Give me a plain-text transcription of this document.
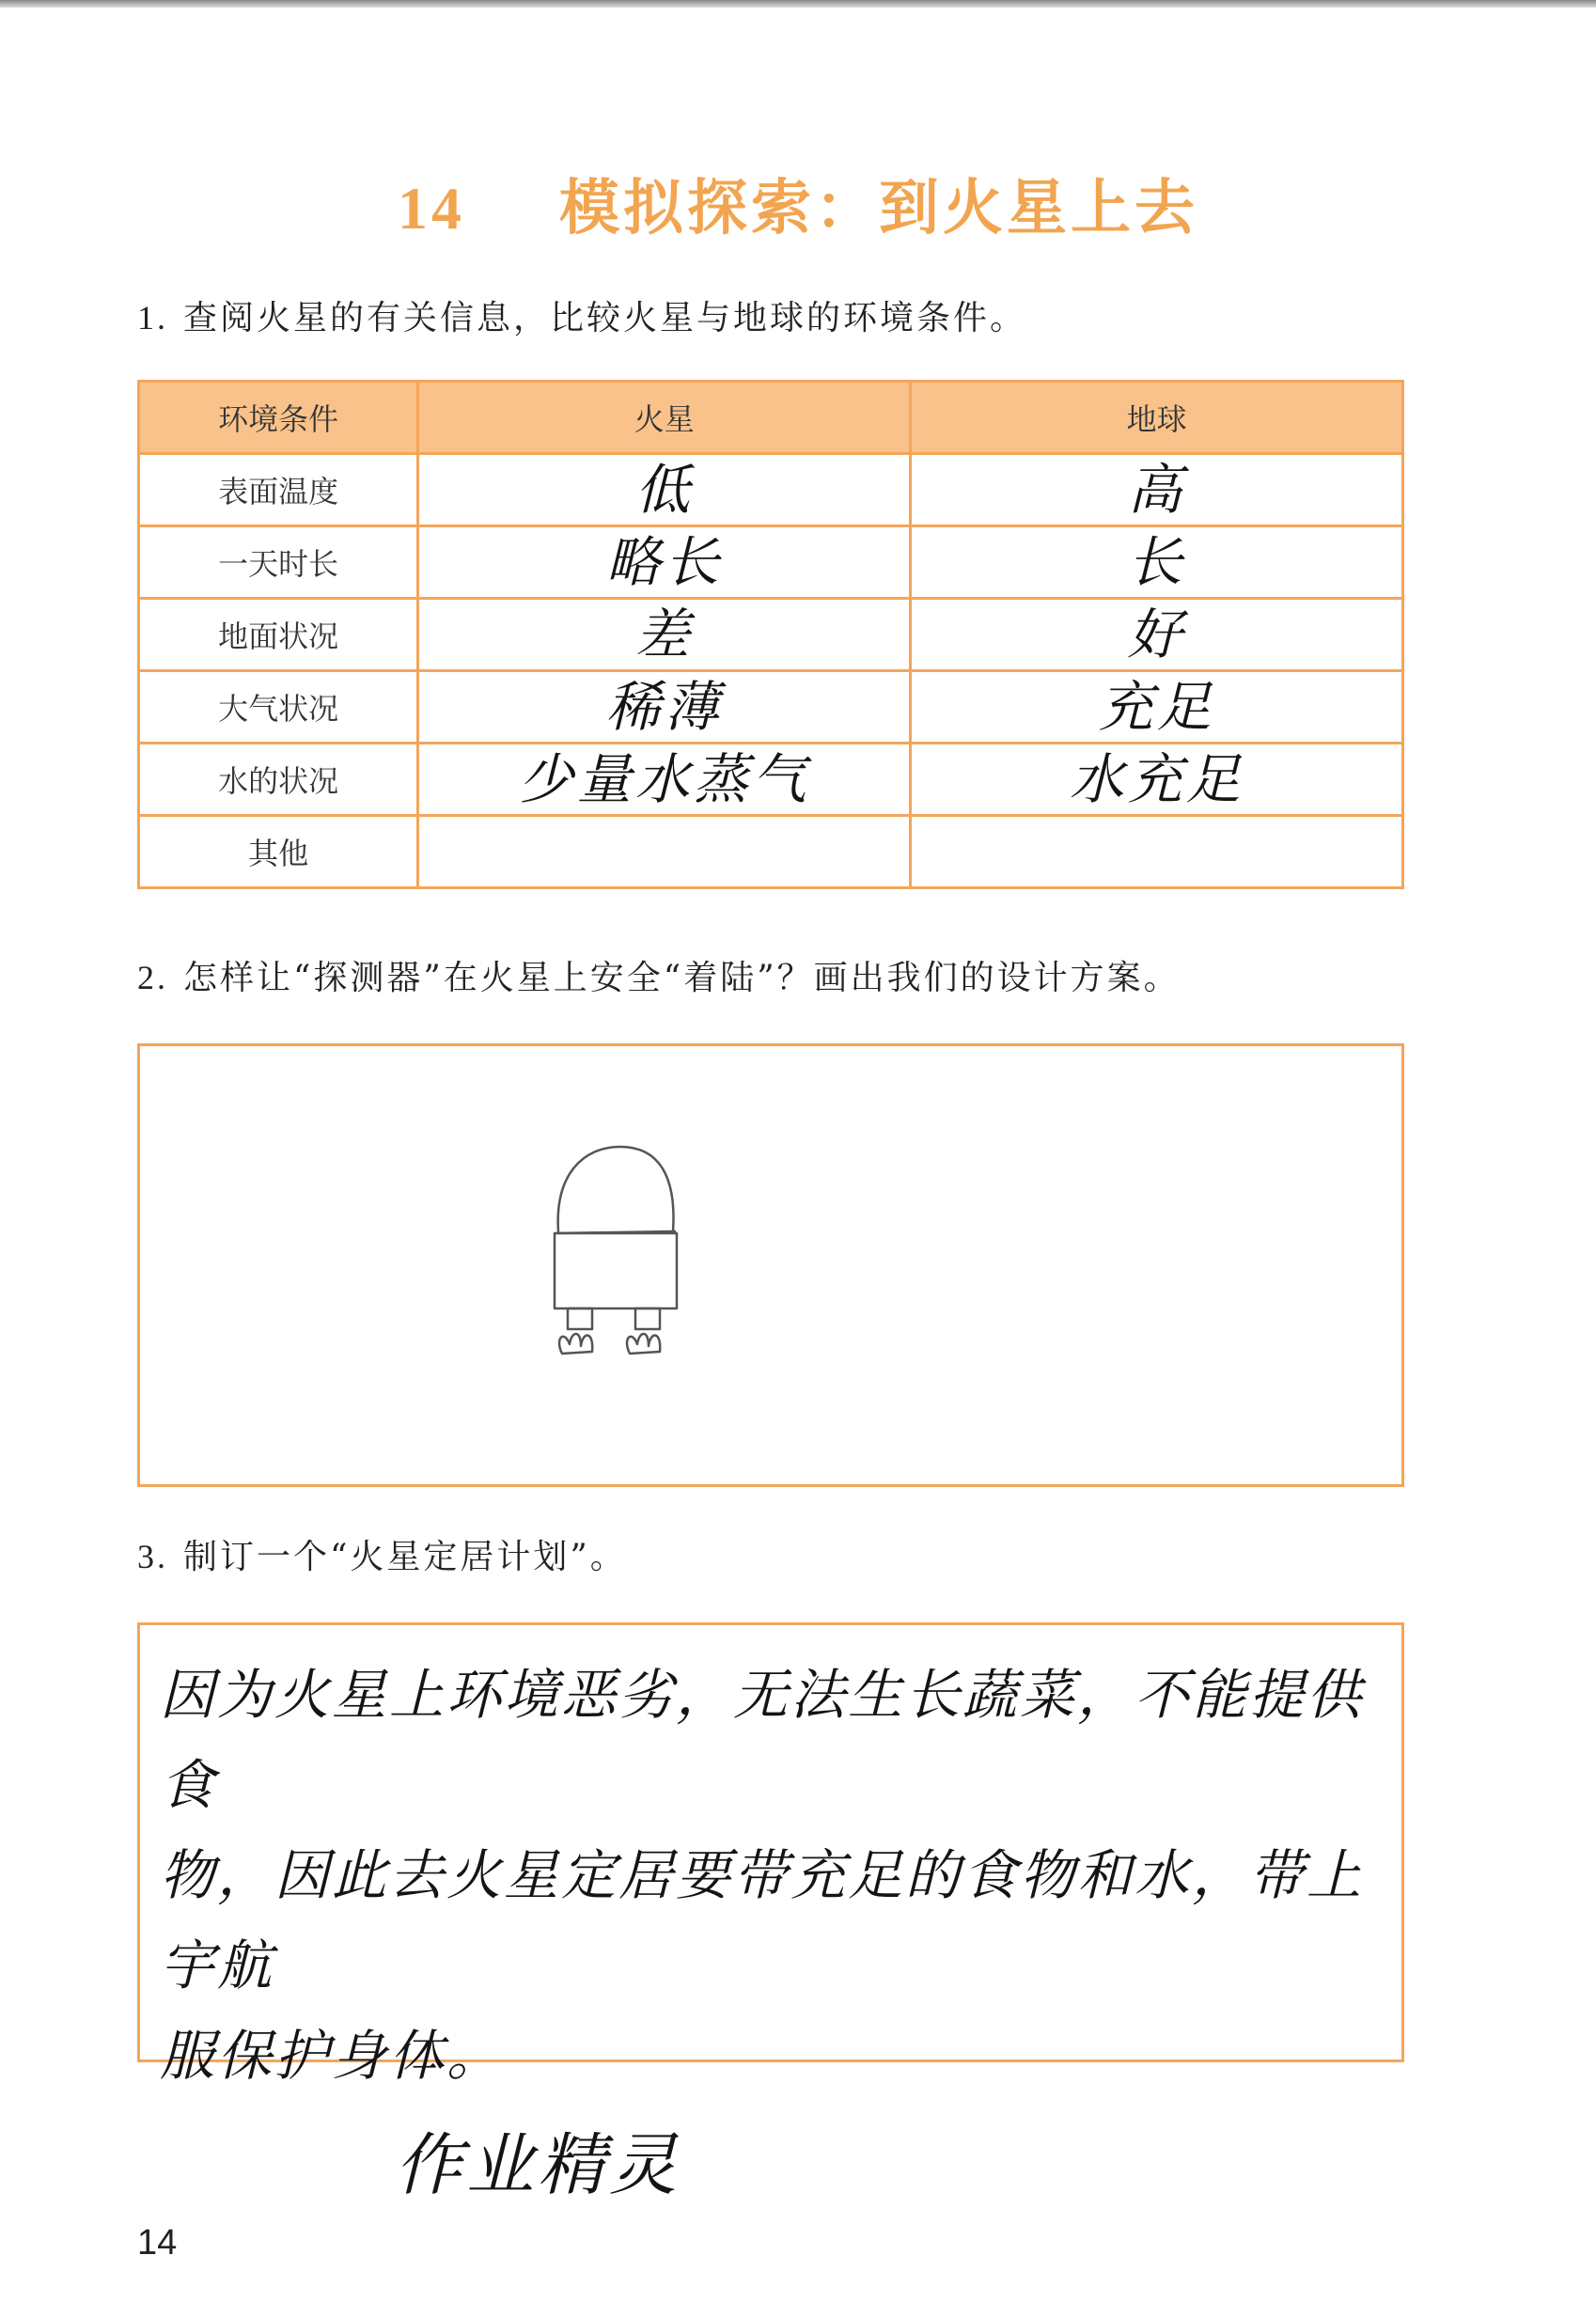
14 模拟探索：到火星上去
1. 查阅火星的有关信息，比较火星与地球的环境条件。
环境条件	火星	地球
表面温度	低	高
一天时长	略长	长
地面状况	差	好
大气状况	稀薄	充足
水的状况	少量水蒸气	水充足
其他		
2. 怎样让“探测器”在火星上安全“着陆”？画出我们的设计方案。
3. 制订一个“火星定居计划”。

因为火星上环境恶劣，无法生长蔬菜，不能提供食

物，因此去火星定居要带充足的食物和水，带上宇航

服保护身体。

作业精灵
14
